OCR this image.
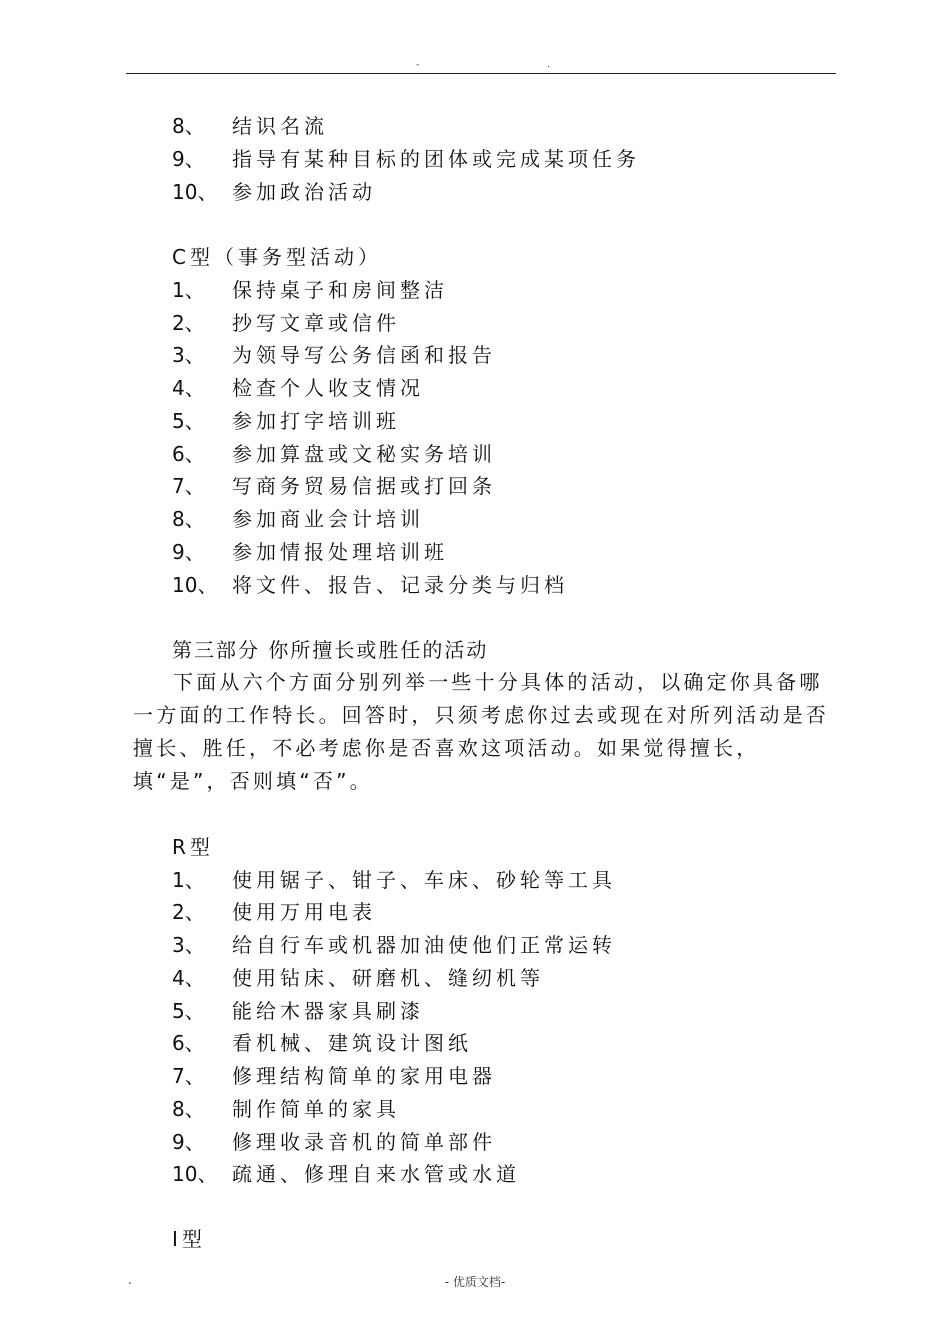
-	.
8、 结识名流
9、 指导有某种目标的团体或完成某项任务
10、 参加政治活动
C型（事务型活动）
1、 保持桌子和房间整洁
2、 抄写文章或信件
3、 为领导写公务信函和报告
4、 检查个人收支情况
5、 参加打字培训班
6、 参加算盘或文秘实务培训
7、 写商务贸易信据或打回条
8、 参加商业会计培训
9、 参加情报处理培训班
10、 将文件、报告、记录分类与归档
第三部分 你所擅长或胜任的活动
下面从六个方面分别列举一些十分具体的活动，以确定你具备哪一方面的工作特长。回答时，只须考虑你过去或现在对所列活动是否擅长、胜任，不必考虑你是否喜欢这项活动。如果觉得擅长，填“是”，否则填“否”。
R型
1、 使用锯子、钳子、车床、砂轮等工具
2、 使用万用电表
3、 给自行车或机器加油使他们正常运转
4、 使用钻床、研磨机、缝纫机等
5、 能给木器家具刷漆
6、 看机械、建筑设计图纸
7、 修理结构简单的家用电器
8、 制作简单的家具
9、 修理收录音机的简单部件
10、 疏通、修理自来水管或水道
I型
.	- 优质文档-
